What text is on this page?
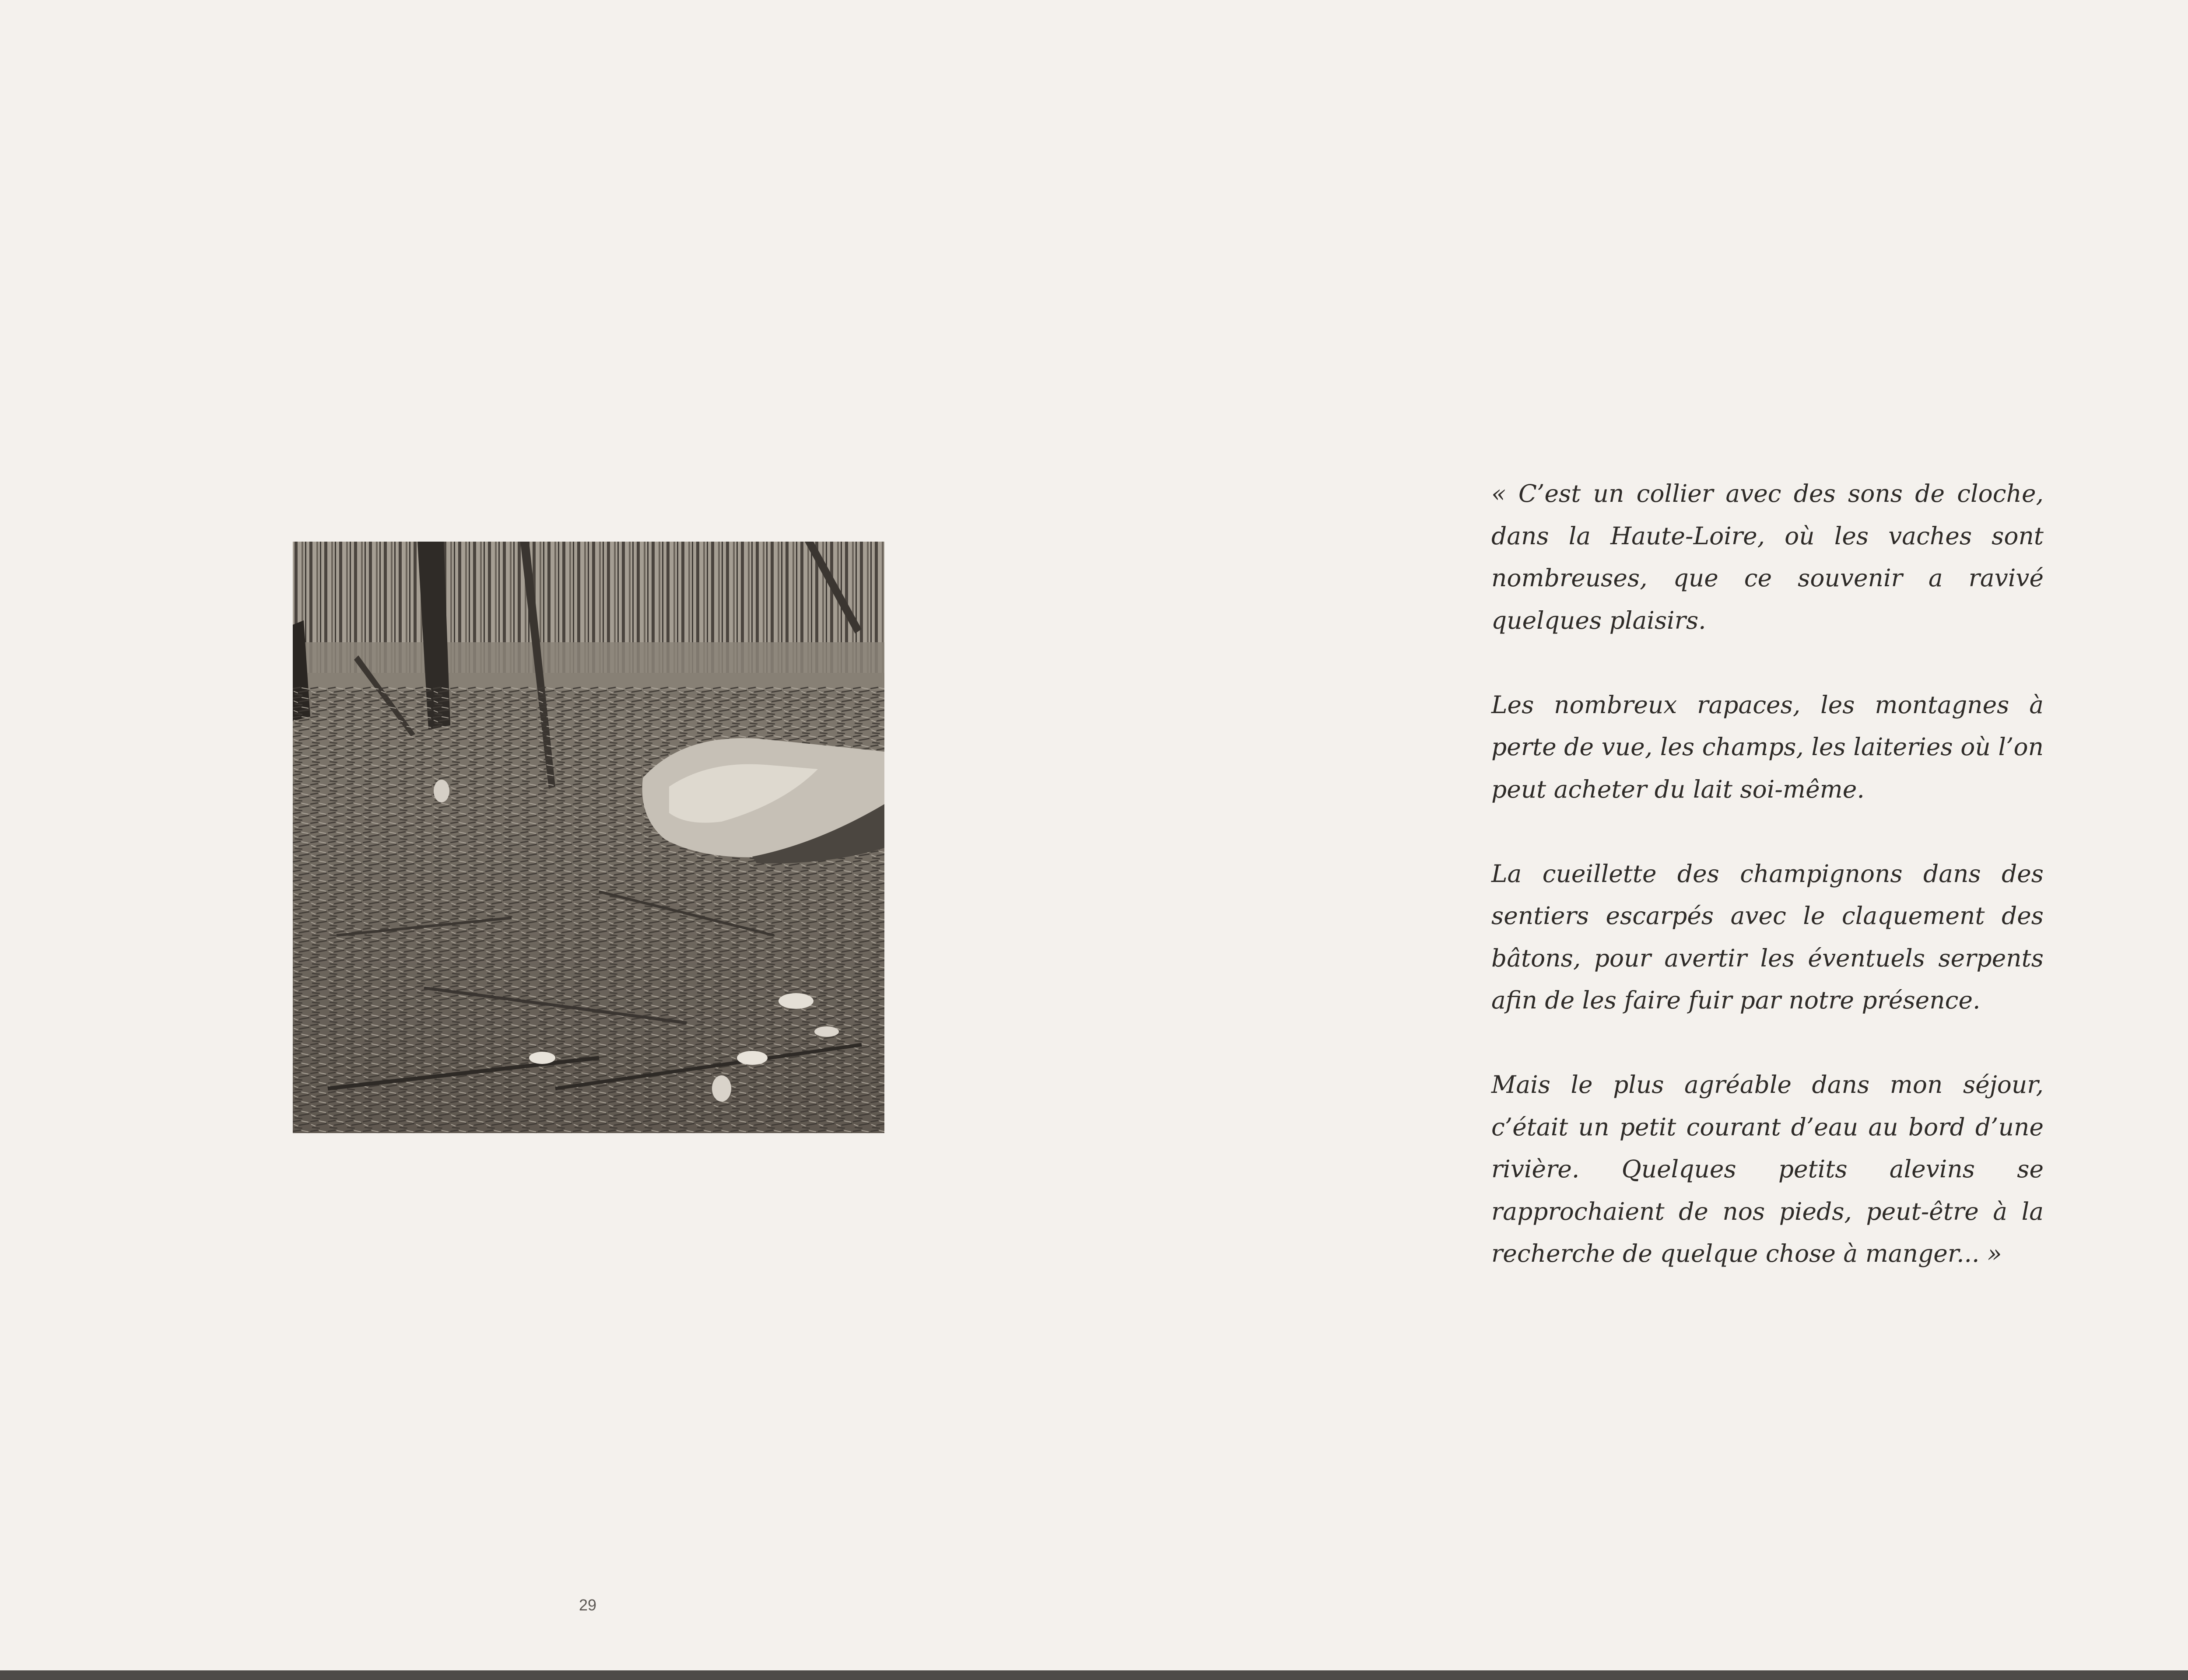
29

« C’est un collier avec des sons de cloche, dans la Haute-Loire, où les vaches sont nombreuses, que ce souvenir a ravivé quelques plaisirs.

Les nombreux rapaces, les montagnes à perte de vue, les champs, les laiteries où l’on peut acheter du lait soi-même.

La cueillette des champignons dans des sentiers escarpés avec le claquement des bâtons, pour avertir les éventuels serpents afin de les faire fuir par notre présence.

Mais le plus agréable dans mon séjour, c’était un petit courant d’eau au bord d’une rivière. Quelques petits alevins se rapprochaient de nos pieds, peut-être à la recherche de quelque chose à manger... »
